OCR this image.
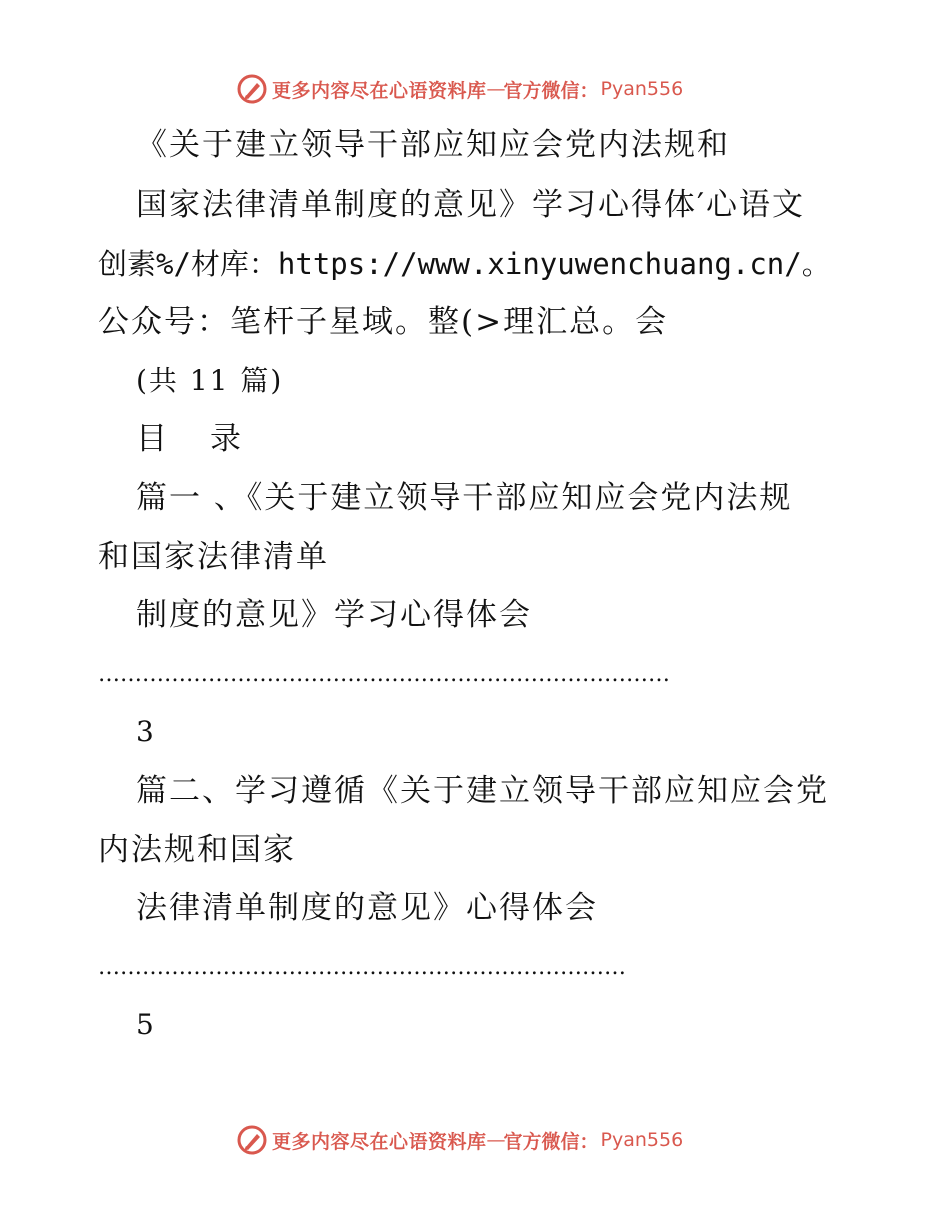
更多内容尽在心语资料库 — 官方微信： Pyan556
《关于建立领导干部应知应会党内法规和
国家法律清单制度的意见》学习心得体′心语文
创素%/材库：https://www.xinyuwenchuang.cn/。
公众号：笔杆子星域。整(>理汇总。会
(共 11 篇)
目　录
篇一 、《关于建立领导干部应知应会党内法规
和国家法律清单
制度的意见》学习心得体会
……………………………………………………………………
3
篇二、学习遵循《关于建立领导干部应知应会党
内法规和国家
法律清单制度的意见》心得体会
………………………………………………………………
5
更多内容尽在心语资料库 — 官方微信： Pyan556
